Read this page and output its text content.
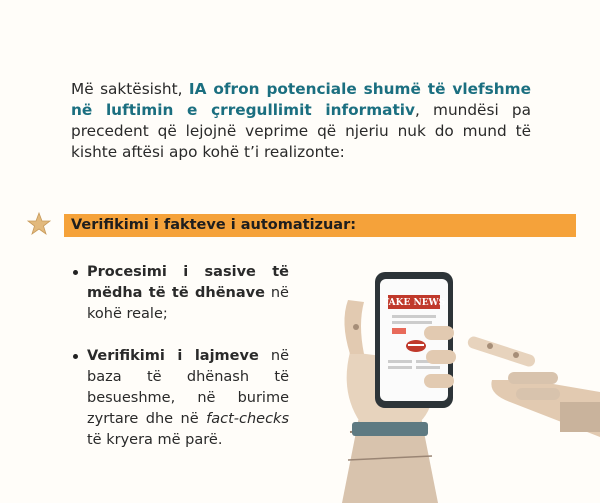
Më saktësisht, IA ofron potenciale shumë të vlefshme në luftimin e çrregullimit informativ, mundësi pa precedent që lejojnë veprime që njeriu nuk do mund të kishte aftësi apo kohë t’i realizonte:

Verifikimi i fakteve i automatizuar:
Procesimi i sasive të mëdha të të dhënave në kohë reale;
Verifikimi i lajmeve në baza të dhënash të besueshme, në burime zyrtare dhe në fact-checks të kryera më parë.
FAKE NEWS
